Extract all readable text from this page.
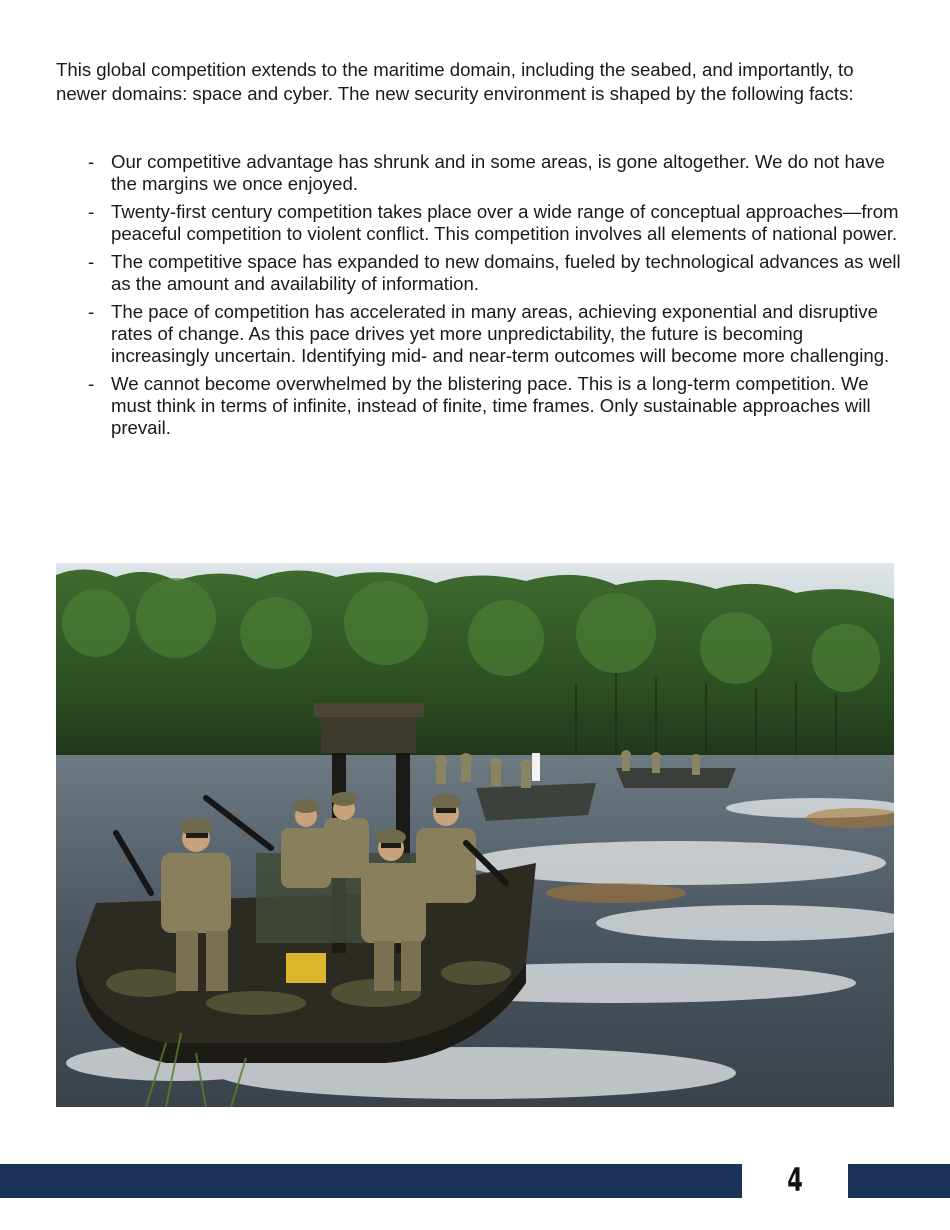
This global competition extends to the maritime domain, including the seabed, and importantly, to newer domains: space and cyber. The new security environment is shaped by the following facts:

- Our competitive advantage has shrunk and in some areas, is gone altogether. We do not have the margins we once enjoyed.
- Twenty-first century competition takes place over a wide range of conceptual approaches—from peaceful competition to violent conflict. This competition involves all elements of national power.
- The competitive space has expanded to new domains, fueled by technological advances as well as the amount and availability of information.
- The pace of competition has accelerated in many areas, achieving exponential and disruptive rates of change. As this pace drives yet more unpredictability, the future is becoming increasingly uncertain. Identifying mid- and near-term outcomes will become more challenging.
- We cannot become overwhelmed by the blistering pace. This is a long-term competition. We must think in terms of infinite, instead of finite, time frames. Only sustainable approaches will prevail.
4
